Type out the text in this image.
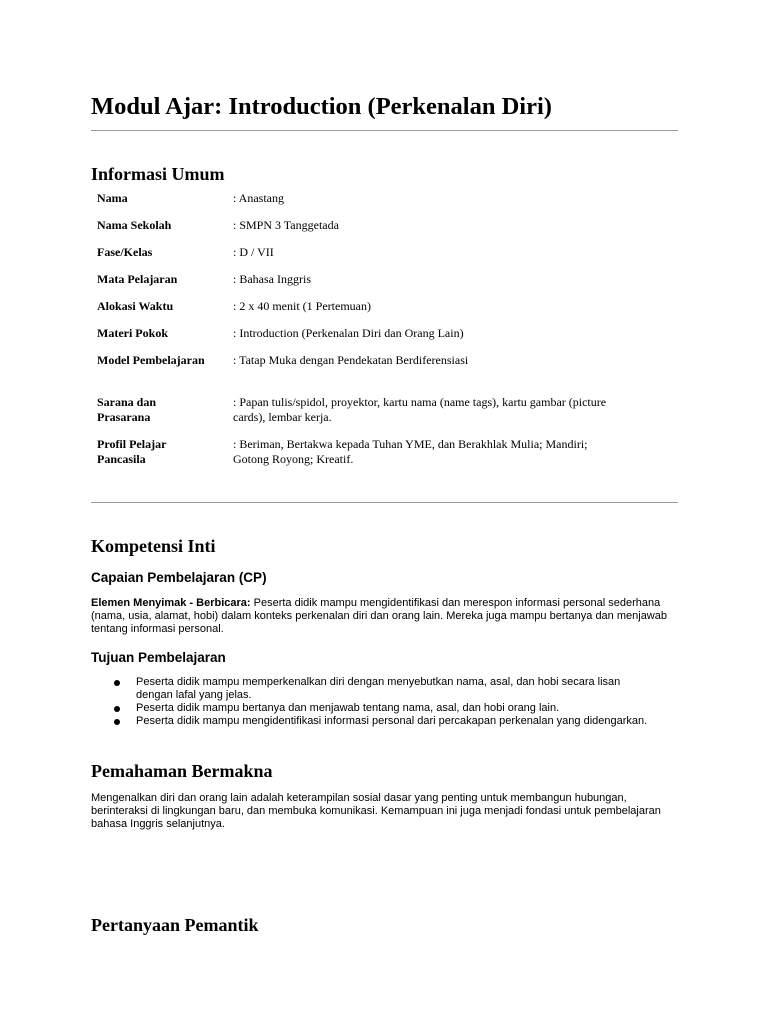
Modul Ajar: Introduction (Perkenalan Diri)
Informasi Umum
Nama	: Anastang
Nama Sekolah	: SMPN 3 Tanggetada
Fase/Kelas	: D / VII
Mata Pelajaran	: Bahasa Inggris
Alokasi Waktu	: 2 x 40 menit (1 Pertemuan)
Materi Pokok	: Introduction (Perkenalan Diri dan Orang Lain)
Model Pembelajaran	: Tatap Muka dengan Pendekatan Berdiferensiasi
Sarana dan Prasarana
: Papan tulis/spidol, proyektor, kartu nama (name tags), kartu gambar (picture cards), lembar kerja.
Profil Pelajar Pancasila
: Beriman, Bertakwa kepada Tuhan YME, dan Berakhlak Mulia; Mandiri; Gotong Royong; Kreatif.
Kompetensi Inti
Capaian Pembelajaran (CP)

Elemen Menyimak - Berbicara: Peserta didik mampu mengidentifikasi dan merespon informasi personal sederhana (nama, usia, alamat, hobi) dalam konteks perkenalan diri dan orang lain. Mereka juga mampu bertanya dan menjawab tentang informasi personal.

Tujuan Pembelajaran
Peserta didik mampu memperkenalkan diri dengan menyebutkan nama, asal, dan hobi secara lisan dengan lafal yang jelas.
Peserta didik mampu bertanya dan menjawab tentang nama, asal, dan hobi orang lain.
Peserta didik mampu mengidentifikasi informasi personal dari percakapan perkenalan yang didengarkan.
Pemahaman Bermakna

Mengenalkan diri dan orang lain adalah keterampilan sosial dasar yang penting untuk membangun hubungan, berinteraksi di lingkungan baru, dan membuka komunikasi. Kemampuan ini juga menjadi fondasi untuk pembelajaran bahasa Inggris selanjutnya.

Pertanyaan Pemantik
